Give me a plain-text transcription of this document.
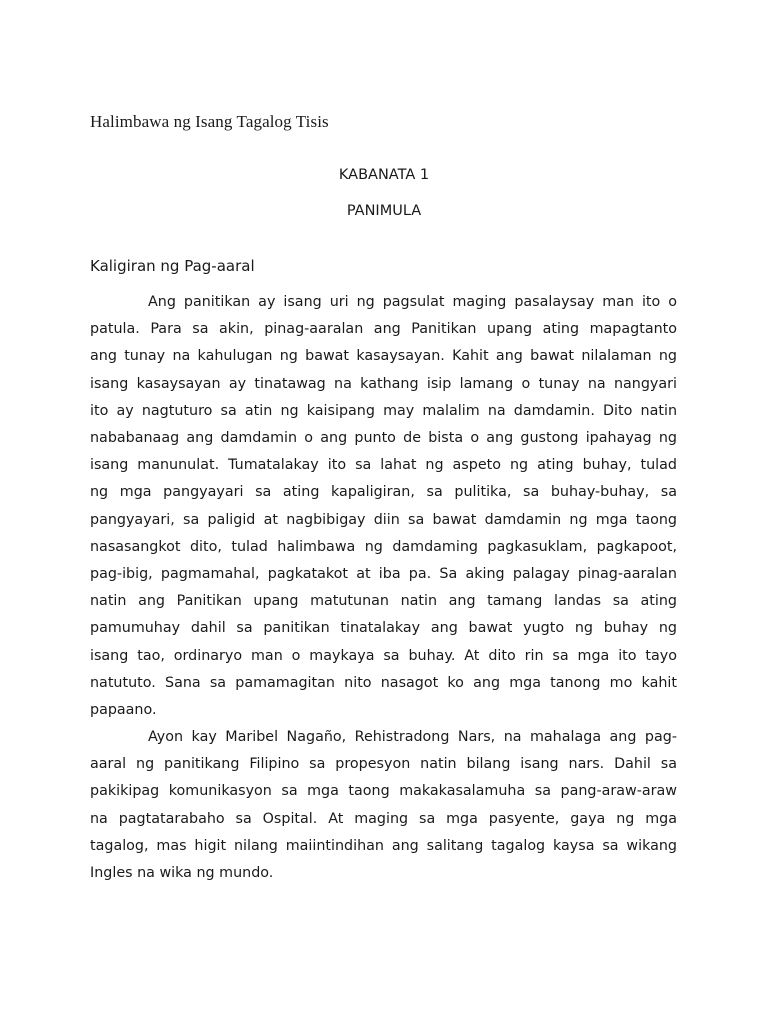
Halimbawa ng Isang Tagalog Tisis
KABANATA 1
PANIMULA
Kaligiran ng Pag-aaral

Ang panitikan ay isang uri ng pagsulat maging pasalaysay man ito o
patula. Para sa akin, pinag-aaralan ang Panitikan upang ating mapagtanto
ang tunay na kahulugan ng bawat kasaysayan. Kahit ang bawat nilalaman ng
isang kasaysayan ay tinatawag na kathang isip lamang o tunay na nangyari
ito ay nagtuturo sa atin ng kaisipang may malalim na damdamin. Dito natin
nababanaag ang damdamin o ang punto de bista o ang gustong ipahayag ng
isang manunulat. Tumatalakay ito sa lahat ng aspeto ng ating buhay, tulad
ng mga pangyayari sa ating kapaligiran, sa pulitika, sa buhay-buhay, sa
pangyayari, sa paligid at nagbibigay diin sa bawat damdamin ng mga taong
nasasangkot dito, tulad halimbawa ng damdaming pagkasuklam, pagkapoot,
pag-ibig, pagmamahal, pagkatakot at iba pa. Sa aking palagay pinag-aaralan
natin ang Panitikan upang matutunan natin ang tamang landas sa ating
pamumuhay dahil sa panitikan tinatalakay ang bawat yugto ng buhay ng
isang tao, ordinaryo man o maykaya sa buhay. At dito rin sa mga ito tayo
natututo. Sana sa pamamagitan nito nasagot ko ang mga tanong mo kahit
papaano.

Ayon kay Maribel Nagaño, Rehistradong Nars, na mahalaga ang pag-
aaral ng panitikang Filipino sa propesyon natin bilang isang nars. Dahil sa
pakikipag komunikasyon sa mga taong makakasalamuha sa pang-araw-araw
na pagtatarabaho sa Ospital. At maging sa mga pasyente, gaya ng mga
tagalog, mas higit nilang maiintindihan ang salitang tagalog kaysa sa wikang
Ingles na wika ng mundo.
